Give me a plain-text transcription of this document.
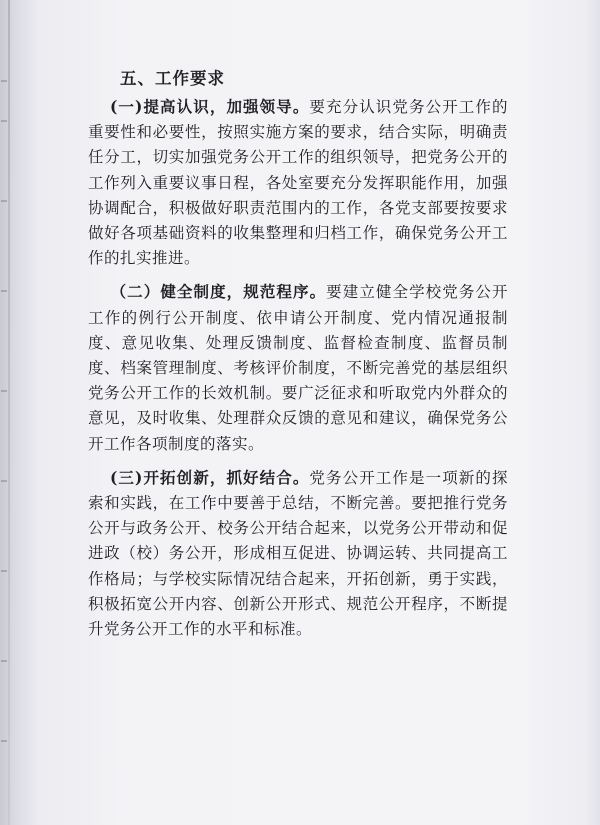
五、工作要求

(一)提高认识，加强领导。要充分认识党务公开工作的重要性和必要性，按照实施方案的要求，结合实际，明确责任分工，切实加强党务公开工作的组织领导，把党务公开的工作列入重要议事日程，各处室要充分发挥职能作用，加强协调配合，积极做好职责范围内的工作，各党支部要按要求做好各项基础资料的收集整理和归档工作，确保党务公开工作的扎实推进。

（二）健全制度，规范程序。要建立健全学校党务公开工作的例行公开制度、依申请公开制度、党内情况通报制度、意见收集、处理反馈制度、监督检查制度、监督员制度、档案管理制度、考核评价制度，不断完善党的基层组织党务公开工作的长效机制。要广泛征求和听取党内外群众的意见，及时收集、处理群众反馈的意见和建议，确保党务公开工作各项制度的落实。

(三)开拓创新，抓好结合。党务公开工作是一项新的探索和实践，在工作中要善于总结，不断完善。要把推行党务公开与政务公开、校务公开结合起来，以党务公开带动和促进政（校）务公开，形成相互促进、协调运转、共同提高工作格局；与学校实际情况结合起来，开拓创新，勇于实践，积极拓宽公开内容、创新公开形式、规范公开程序，不断提升党务公开工作的水平和标准。
